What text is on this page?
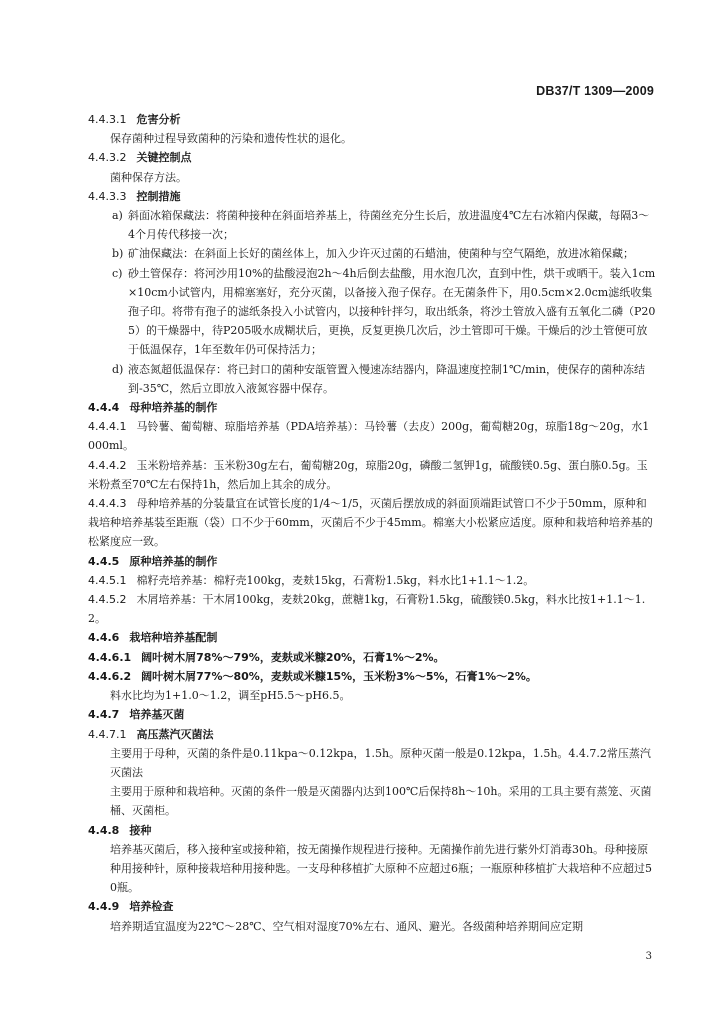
DB37/T 1309—2009
4.4.3.1 危害分析
保存菌种过程导致菌种的污染和遗传性状的退化。
4.4.3.2 关键控制点
菌种保存方法。
4.4.3.3 控制措施
a) 斜面冰箱保藏法：将菌种接种在斜面培养基上，待菌丝充分生长后，放进温度4℃左右冰箱内保藏，每隔3～4个月传代移接一次；
b) 矿油保藏法：在斜面上长好的菌丝体上，加入少许灭过菌的石蜡油，使菌种与空气隔绝，放进冰箱保藏；
c) 砂土管保存：将河沙用10%的盐酸浸泡2h～4h后倒去盐酸，用水泡几次，直到中性，烘干或晒干。装入1cm×10cm小试管内，用棉塞塞好，充分灭菌，以备接入孢子保存。在无菌条件下，用0.5cm×2.0cm滤纸收集孢子印。将带有孢子的滤纸条投入小试管内，以接种针拌匀，取出纸条，将沙土管放入盛有五氧化二磷（P205）的干燥器中，待P205吸水成糊状后，更换，反复更换几次后，沙土管即可干燥。干燥后的沙土管便可放于低温保存，1年至数年仍可保持活力；
d) 液态氮超低温保存：将已封口的菌种安瓿管置入慢速冻结器内，降温速度控制1℃/min，使保存的菌种冻结到-35℃，然后立即放入液氮容器中保存。
4.4.4 母种培养基的制作
4.4.4.1 马铃薯、葡萄糖、琼脂培养基（PDA培养基）：马铃薯（去皮）200g，葡萄糖20g，琼脂18g～20g，水1000ml。
4.4.4.2 玉米粉培养基：玉米粉30g左右，葡萄糖20g，琼脂20g，磷酸二氢钾1g，硫酸镁0.5g、蛋白胨0.5g。玉米粉煮至70℃左右保持1h，然后加上其余的成分。
4.4.4.3 母种培养基的分装量宜在试管长度的1/4～1/5，灭菌后摆放成的斜面顶端距试管口不少于50mm，原种和栽培种培养基装至距瓶（袋）口不少于60mm，灭菌后不少于45mm。棉塞大小松紧应适度。原种和栽培种培养基的松紧度应一致。
4.4.5 原种培养基的制作
4.4.5.1 棉籽壳培养基：棉籽壳100kg，麦麸15kg，石膏粉1.5kg，料水比1+1.1～1.2。
4.4.5.2 木屑培养基：干木屑100kg，麦麸20kg，蔗糖1kg，石膏粉1.5kg，硫酸镁0.5kg，料水比按1+1.1～1.2。
4.4.6 栽培种培养基配制
4.4.6.1 阔叶树木屑78%～79%，麦麸或米糠20%，石膏1%～2%。
4.4.6.2 阔叶树木屑77%～80%，麦麸或米糠15%，玉米粉3%～5%，石膏1%～2%。
料水比均为1+1.0～1.2，调至pH5.5～pH6.5。
4.4.7 培养基灭菌
4.4.7.1 高压蒸汽灭菌法
主要用于母种，灭菌的条件是0.11kpa～0.12kpa，1.5h。原种灭菌一般是0.12kpa，1.5h。4.4.7.2常压蒸汽灭菌法
主要用于原种和栽培种。灭菌的条件一般是灭菌器内达到100℃后保持8h～10h。采用的工具主要有蒸笼、灭菌桶、灭菌柜。
4.4.8 接种
培养基灭菌后，移入接种室或接种箱，按无菌操作规程进行接种。无菌操作前先进行紫外灯消毒30h。母种接原种用接种针，原种接栽培种用接种匙。一支母种移植扩大原种不应超过6瓶；一瓶原种移植扩大栽培种不应超过50瓶。
4.4.9 培养检查
培养期适宜温度为22℃～28℃、空气相对湿度70%左右、通风、避光。各级菌种培养期间应定期
3
